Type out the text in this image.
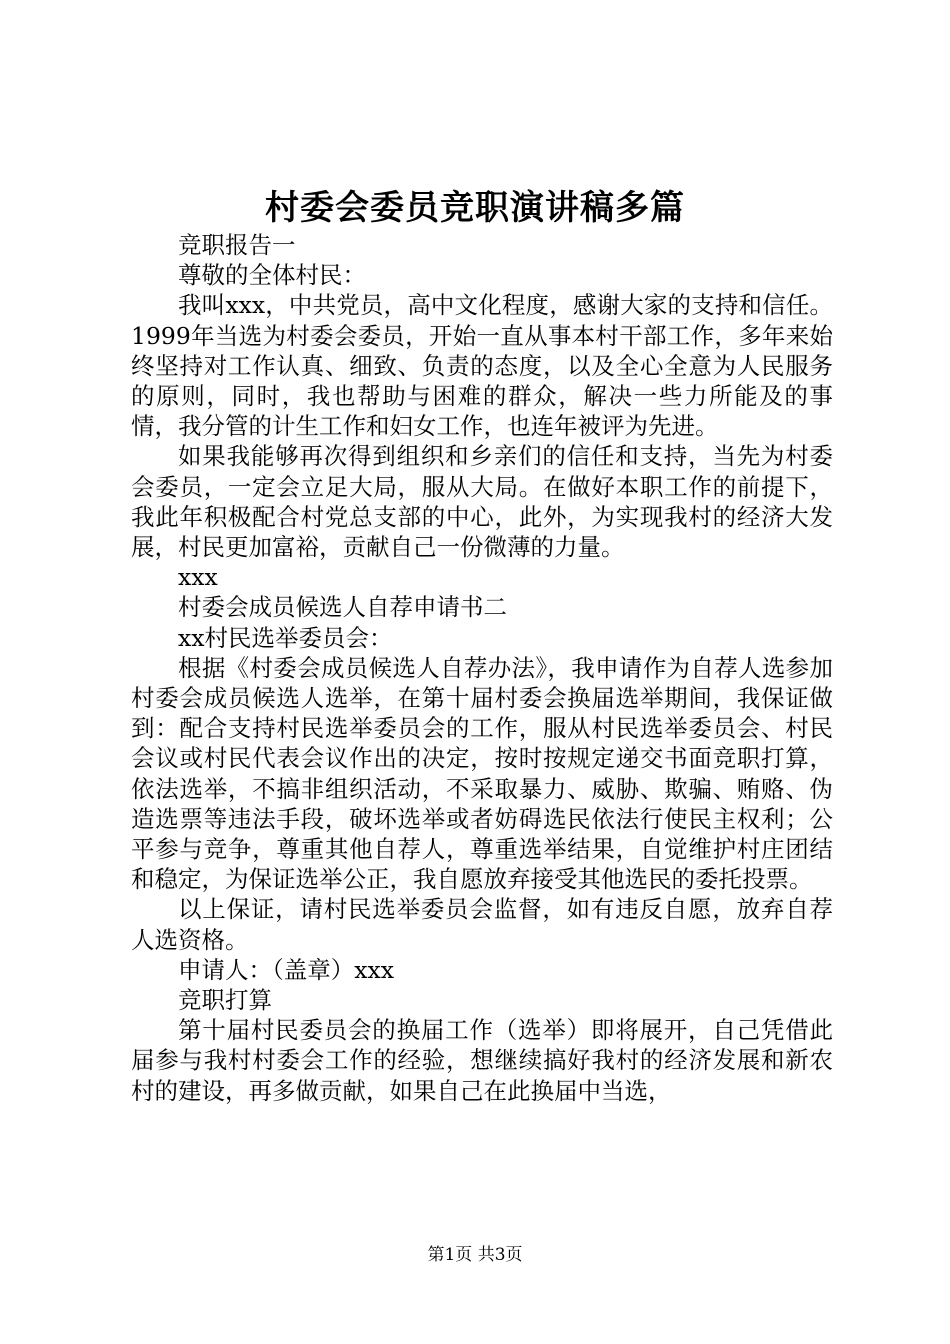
村委会委员竞职演讲稿多篇

竞职报告一

尊敬的全体村民：

我叫xxx，中共党员，高中文化程度，感谢大家的支持和信任。1999年当选为村委会委员，开始一直从事本村干部工作，多年来始终坚持对工作认真、细致、负责的态度，以及全心全意为人民服务的原则，同时，我也帮助与困难的群众，解决一些力所能及的事情，我分管的计生工作和妇女工作，也连年被评为先进。

如果我能够再次得到组织和乡亲们的信任和支持，当先为村委会委员，一定会立足大局，服从大局。在做好本职工作的前提下，我此年积极配合村党总支部的中心，此外，为实现我村的经济大发展，村民更加富裕，贡献自己一份微薄的力量。

xxx

村委会成员候选人自荐申请书二

xx村民选举委员会：

根据《村委会成员候选人自荐办法》，我申请作为自荐人选参加村委会成员候选人选举，在第十届村委会换届选举期间，我保证做到：配合支持村民选举委员会的工作，服从村民选举委员会、村民会议或村民代表会议作出的决定，按时按规定递交书面竞职打算，依法选举，不搞非组织活动，不采取暴力、威胁、欺骗、贿赂、伪造选票等违法手段，破坏选举或者妨碍选民依法行使民主权利；公平参与竞争，尊重其他自荐人，尊重选举结果，自觉维护村庄团结和稳定，为保证选举公正，我自愿放弃接受其他选民的委托投票。

以上保证，请村民选举委员会监督，如有违反自愿，放弃自荐人选资格。

申请人：（盖章）xxx

竞职打算

第十届村民委员会的换届工作（选举）即将展开，自己凭借此届参与我村村委会工作的经验，想继续搞好我村的经济发展和新农村的建设，再多做贡献，如果自己在此换届中当选，

第1页 共3页
